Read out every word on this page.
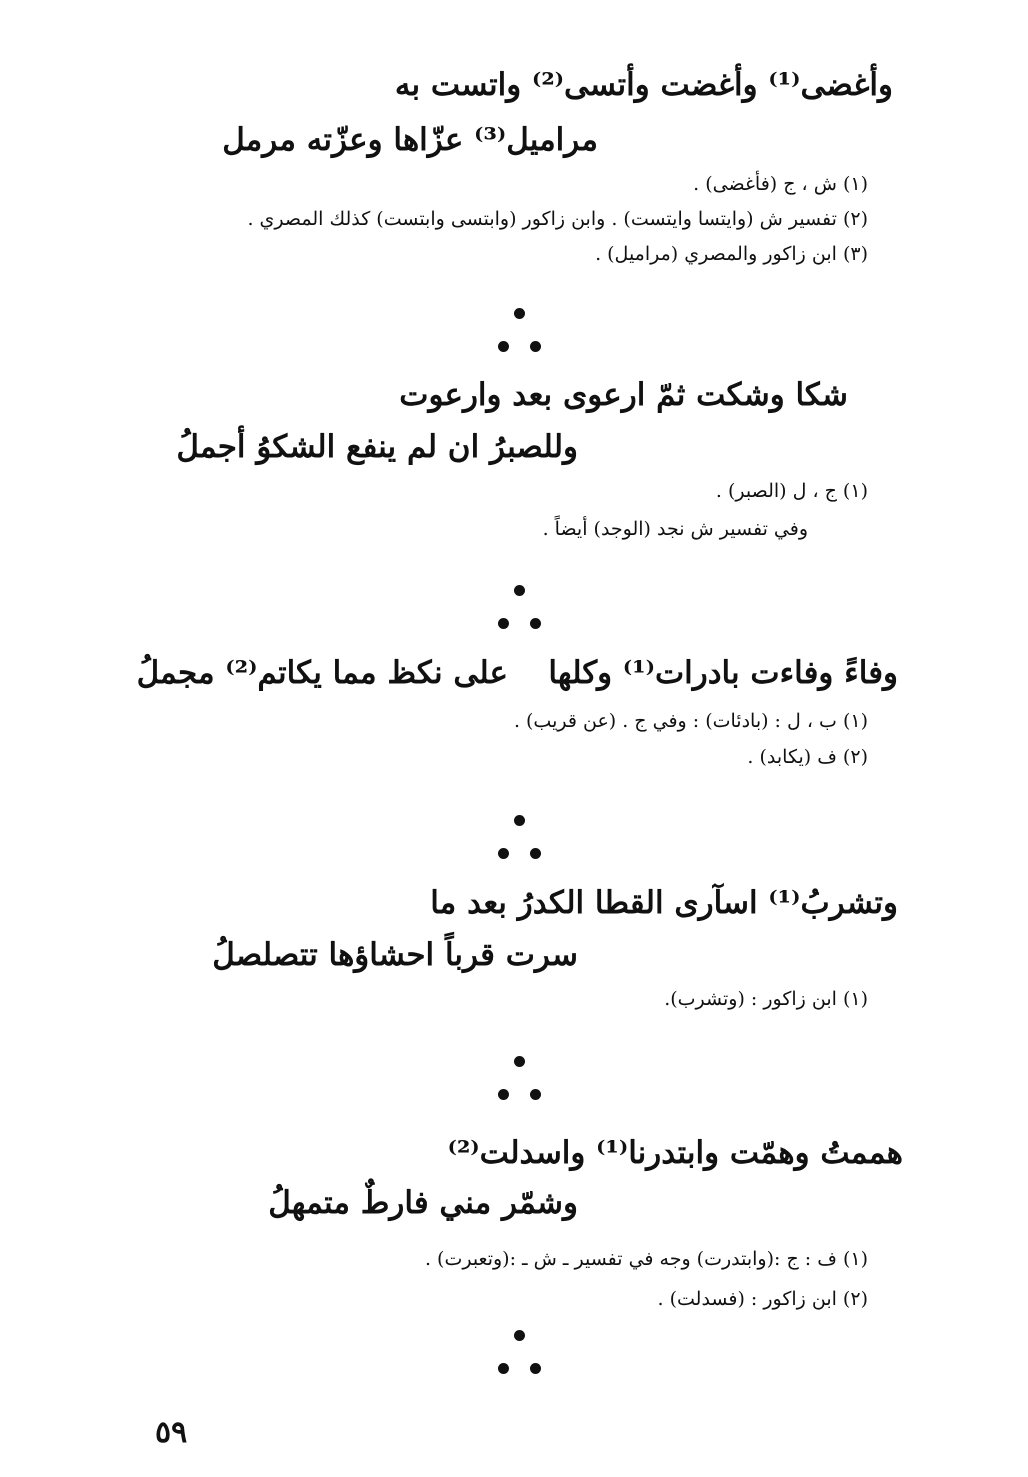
وأغضى⁽¹⁾ وأغضت وأتسى⁽²⁾ واتست به
مراميل⁽³⁾ عزّاها وعزّته مرمل
(١) ش ، ج (فأغضى) .
(٢) تفسير ش (وايتسا وايتست) . وابن زاكور (وابتسى وابتست) كذلك المصري .
(٣) ابن زاكور والمصري (مراميل) .
شكا وشكت ثمّ ارعوى بعد وارعوت
وللصبرُ ان لم ينفع الشكوُ أجملُ
(١) ج ، ل (الصبر) .
وفي تفسير ش نجد (الوجد) أيضاً .
وفاءً وفاءت بادرات⁽¹⁾ وكلها
على نكظ مما يكاتم⁽²⁾ مجملُ
(١) ب ، ل : (بادئات) : وفي ج . (عن قريب) .
(٢) ف (يكابد) .
وتشربُ⁽¹⁾ اسآرى القطا الكدرُ بعد ما
سرت قرباً احشاؤها تتصلصلُ
(١) ابن زاكور : (وتشرب).
هممتُ وهمّت وابتدرنا⁽¹⁾ واسدلت⁽²⁾
وشمّر مني فارطٌ متمهلُ
(١) ف : ج :(وابتدرت) وجه في تفسير ـ ش ـ :(وتعبرت) .
(٢) ابن زاكور : (فسدلت) .
٥٩
